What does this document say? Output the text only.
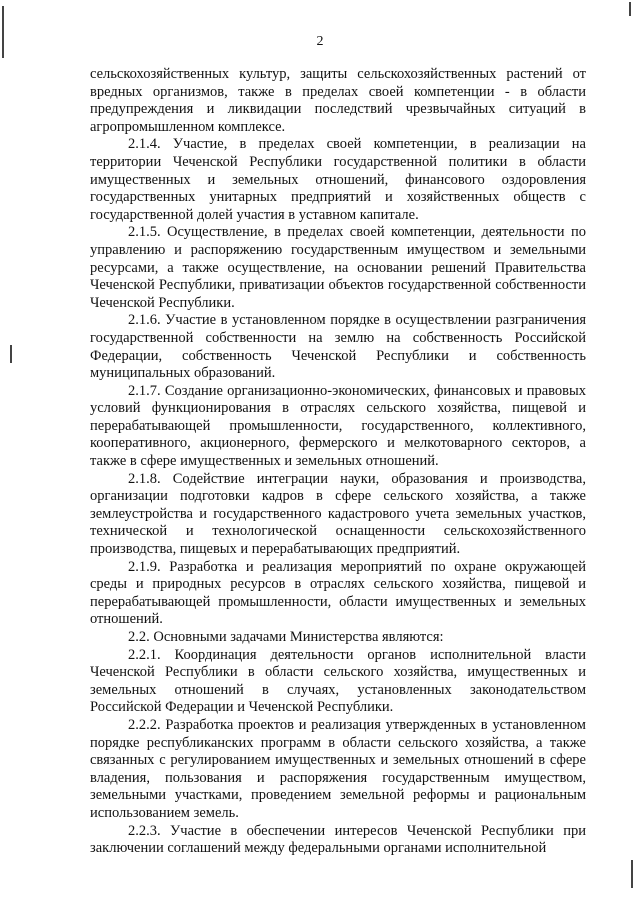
2

сельскохозяйственных культур, защиты сельскохозяйственных растений от вредных организмов, также в пределах своей компетенции - в области предупреждения и ликвидации последствий чрезвычайных ситуаций в агропромышленном комплексе.

2.1.4. Участие, в пределах своей компетенции, в реализации на территории Чеченской Республики государственной политики в области имущественных и земельных отношений, финансового оздоровления государственных унитарных предприятий и хозяйственных обществ с государственной долей участия в уставном капитале.

2.1.5. Осуществление, в пределах своей компетенции, деятельности по управлению и распоряжению государственным имуществом и земельными ресурсами, а также осуществление, на основании решений Правительства Чеченской Республики, приватизации объектов государственной собственности Чеченской Республики.

2.1.6. Участие в установленном порядке в осуществлении разграничения государственной собственности на землю на собственность Российской Федерации, собственность Чеченской Республики и собственность муниципальных образований.

2.1.7. Создание организационно-экономических, финансовых и правовых условий функционирования в отраслях сельского хозяйства, пищевой и перерабатывающей промышленности, государственного, коллективного, кооперативного, акционерного, фермерского и мелкотоварного секторов, а также в сфере имущественных и земельных отношений.

2.1.8. Содействие интеграции науки, образования и производства, организации подготовки кадров в сфере сельского хозяйства, а также землеустройства и государственного кадастрового учета земельных участков, технической и технологической оснащенности сельскохозяйственного производства, пищевых и перерабатывающих предприятий.

2.1.9. Разработка и реализация мероприятий по охране окружающей среды и природных ресурсов в отраслях сельского хозяйства, пищевой и перерабатывающей промышленности, области имущественных и земельных отношений.

2.2. Основными задачами Министерства являются:

2.2.1. Координация деятельности органов исполнительной власти Чеченской Республики в области сельского хозяйства, имущественных и земельных отношений в случаях, установленных законодательством Российской Федерации и Чеченской Республики.

2.2.2. Разработка проектов и реализация утвержденных в установленном порядке республиканских программ в области сельского хозяйства, а также связанных с регулированием имущественных и земельных отношений в сфере владения, пользования и распоряжения государственным имуществом, земельными участками, проведением земельной реформы и рациональным использованием земель.

2.2.3. Участие в обеспечении интересов Чеченской Республики при заключении соглашений между федеральными органами исполнительной
